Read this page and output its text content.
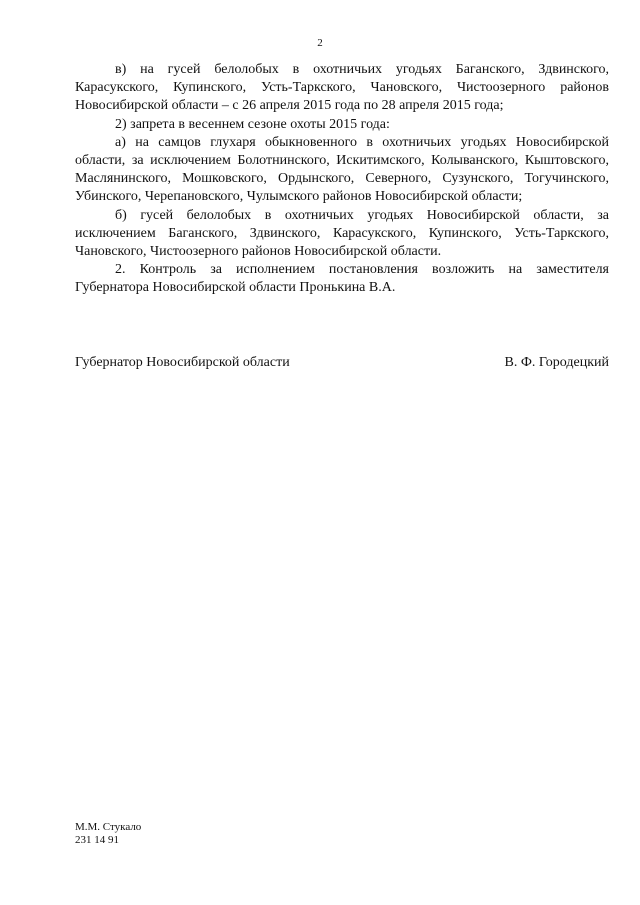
2

в) на гусей белолобых в охотничьих угодьях Баганского, Здвинского, Карасукского, Купинского, Усть-Таркского, Чановского, Чистоозерного районов Новосибирской области – с 26 апреля 2015 года по 28 апреля 2015 года;

2) запрета в весеннем сезоне охоты 2015 года:

а) на самцов глухаря обыкновенного в охотничьих угодьях Новосибирской области, за исключением Болотнинского, Искитимского, Колыванского, Кыштовского, Маслянинского, Мошковского, Ордынского, Северного, Сузунского, Тогучинского, Убинского, Черепановского, Чулымского районов Новосибирской области;

б) гусей белолобых в охотничьих угодьях Новосибирской области, за исключением Баганского, Здвинского, Карасукского, Купинского, Усть-Таркского, Чановского, Чистоозерного районов Новосибирской области.

2. Контроль за исполнением постановления возложить на заместителя Губернатора Новосибирской области Пронькина В.А.

Губернатор Новосибирской области	В. Ф. Городецкий
М.М. Стукало
231 14 91
